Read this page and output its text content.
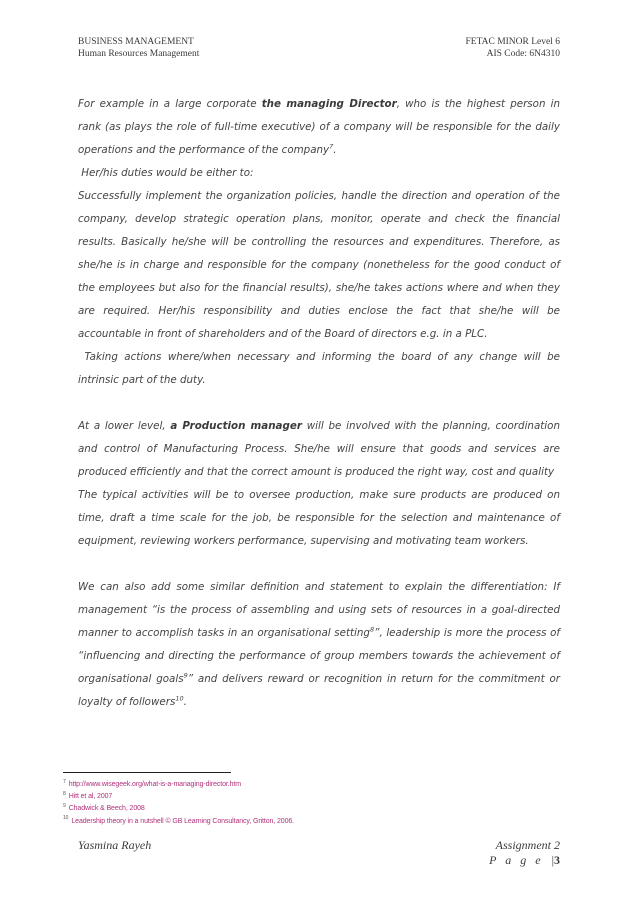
BUSINESS MANAGEMENT
Human Resources Management
FETAC MINOR Level 6
AIS Code: 6N4310

For example in a large corporate the managing Director, who is the highest person in rank (as plays the role of full-time executive) of a company will be responsible for the daily operations and the performance of the company$^7$.

Her/his duties would be either to:

Successfully implement the organization policies, handle the direction and operation of the company, develop strategic operation plans, monitor, operate and check the financial results. Basically he/she will be controlling the resources and expenditures. Therefore, as she/he is in charge and responsible for the company (nonetheless for the good conduct of the employees but also for the financial results), she/he takes actions where and when they are required. Her/his responsibility and duties enclose the fact that she/he will be accountable in front of shareholders and of the Board of directors e.g. in a PLC.

Taking actions where/when necessary and informing the board of any change will be intrinsic part of the duty.

At a lower level, a Production manager will be involved with the planning, coordination and control of Manufacturing Process. She/he will ensure that goods and services are produced efficiently and that the correct amount is produced the right way, cost and quality

The typical activities will be to oversee production, make sure products are produced on time, draft a time scale for the job, be responsible for the selection and maintenance of equipment, reviewing workers performance, supervising and motivating team workers.

We can also add some similar definition and statement to explain the differentiation: If management “is the process of assembling and using sets of resources in a goal-directed manner to accomplish tasks in an organisational setting$^8$”, leadership is more the process of “influencing and directing the performance of group members towards the achievement of organisational goals$^9$” and delivers reward or recognition in return for the commitment or loyalty of followers$^{10}$.

$^7$ http://www.wisegeek.org/what-is-a-managing-director.htm
$^8$ Hitt et al, 2007
$^9$ Chadwick & Beech, 2008
$^{10}$ Leadership theory in a nutshell © GB Learning Consultancy, Gritton, 2006.
Yasmina Rayeh	Assignment 2
P a g e |3
